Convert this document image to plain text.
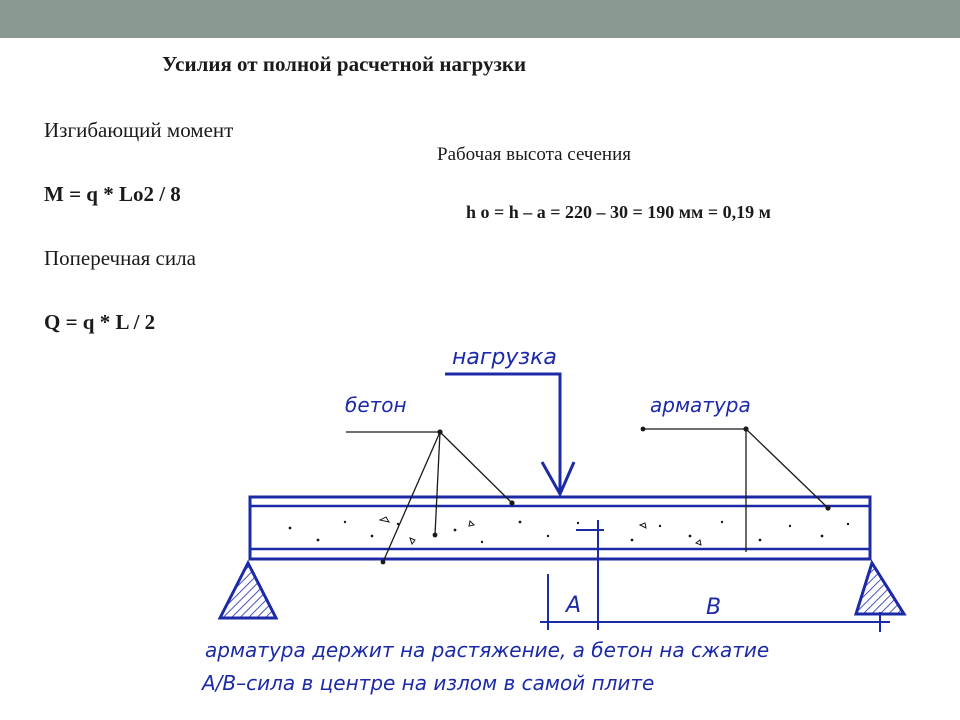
Усилия от полной расчетной нагрузки
Изгибающий момент
M = q * Lo2 / 8
Поперечная сила
Q = q * L / 2
Рабочая высота сечения
h o = h – a = 220 – 30 = 190 мм = 0,19 м
нагрузка
бетон	арматура
A	B
арматура держит на растяжение, а бетон на сжатие
A/B–сила в центре на излом в самой плите
